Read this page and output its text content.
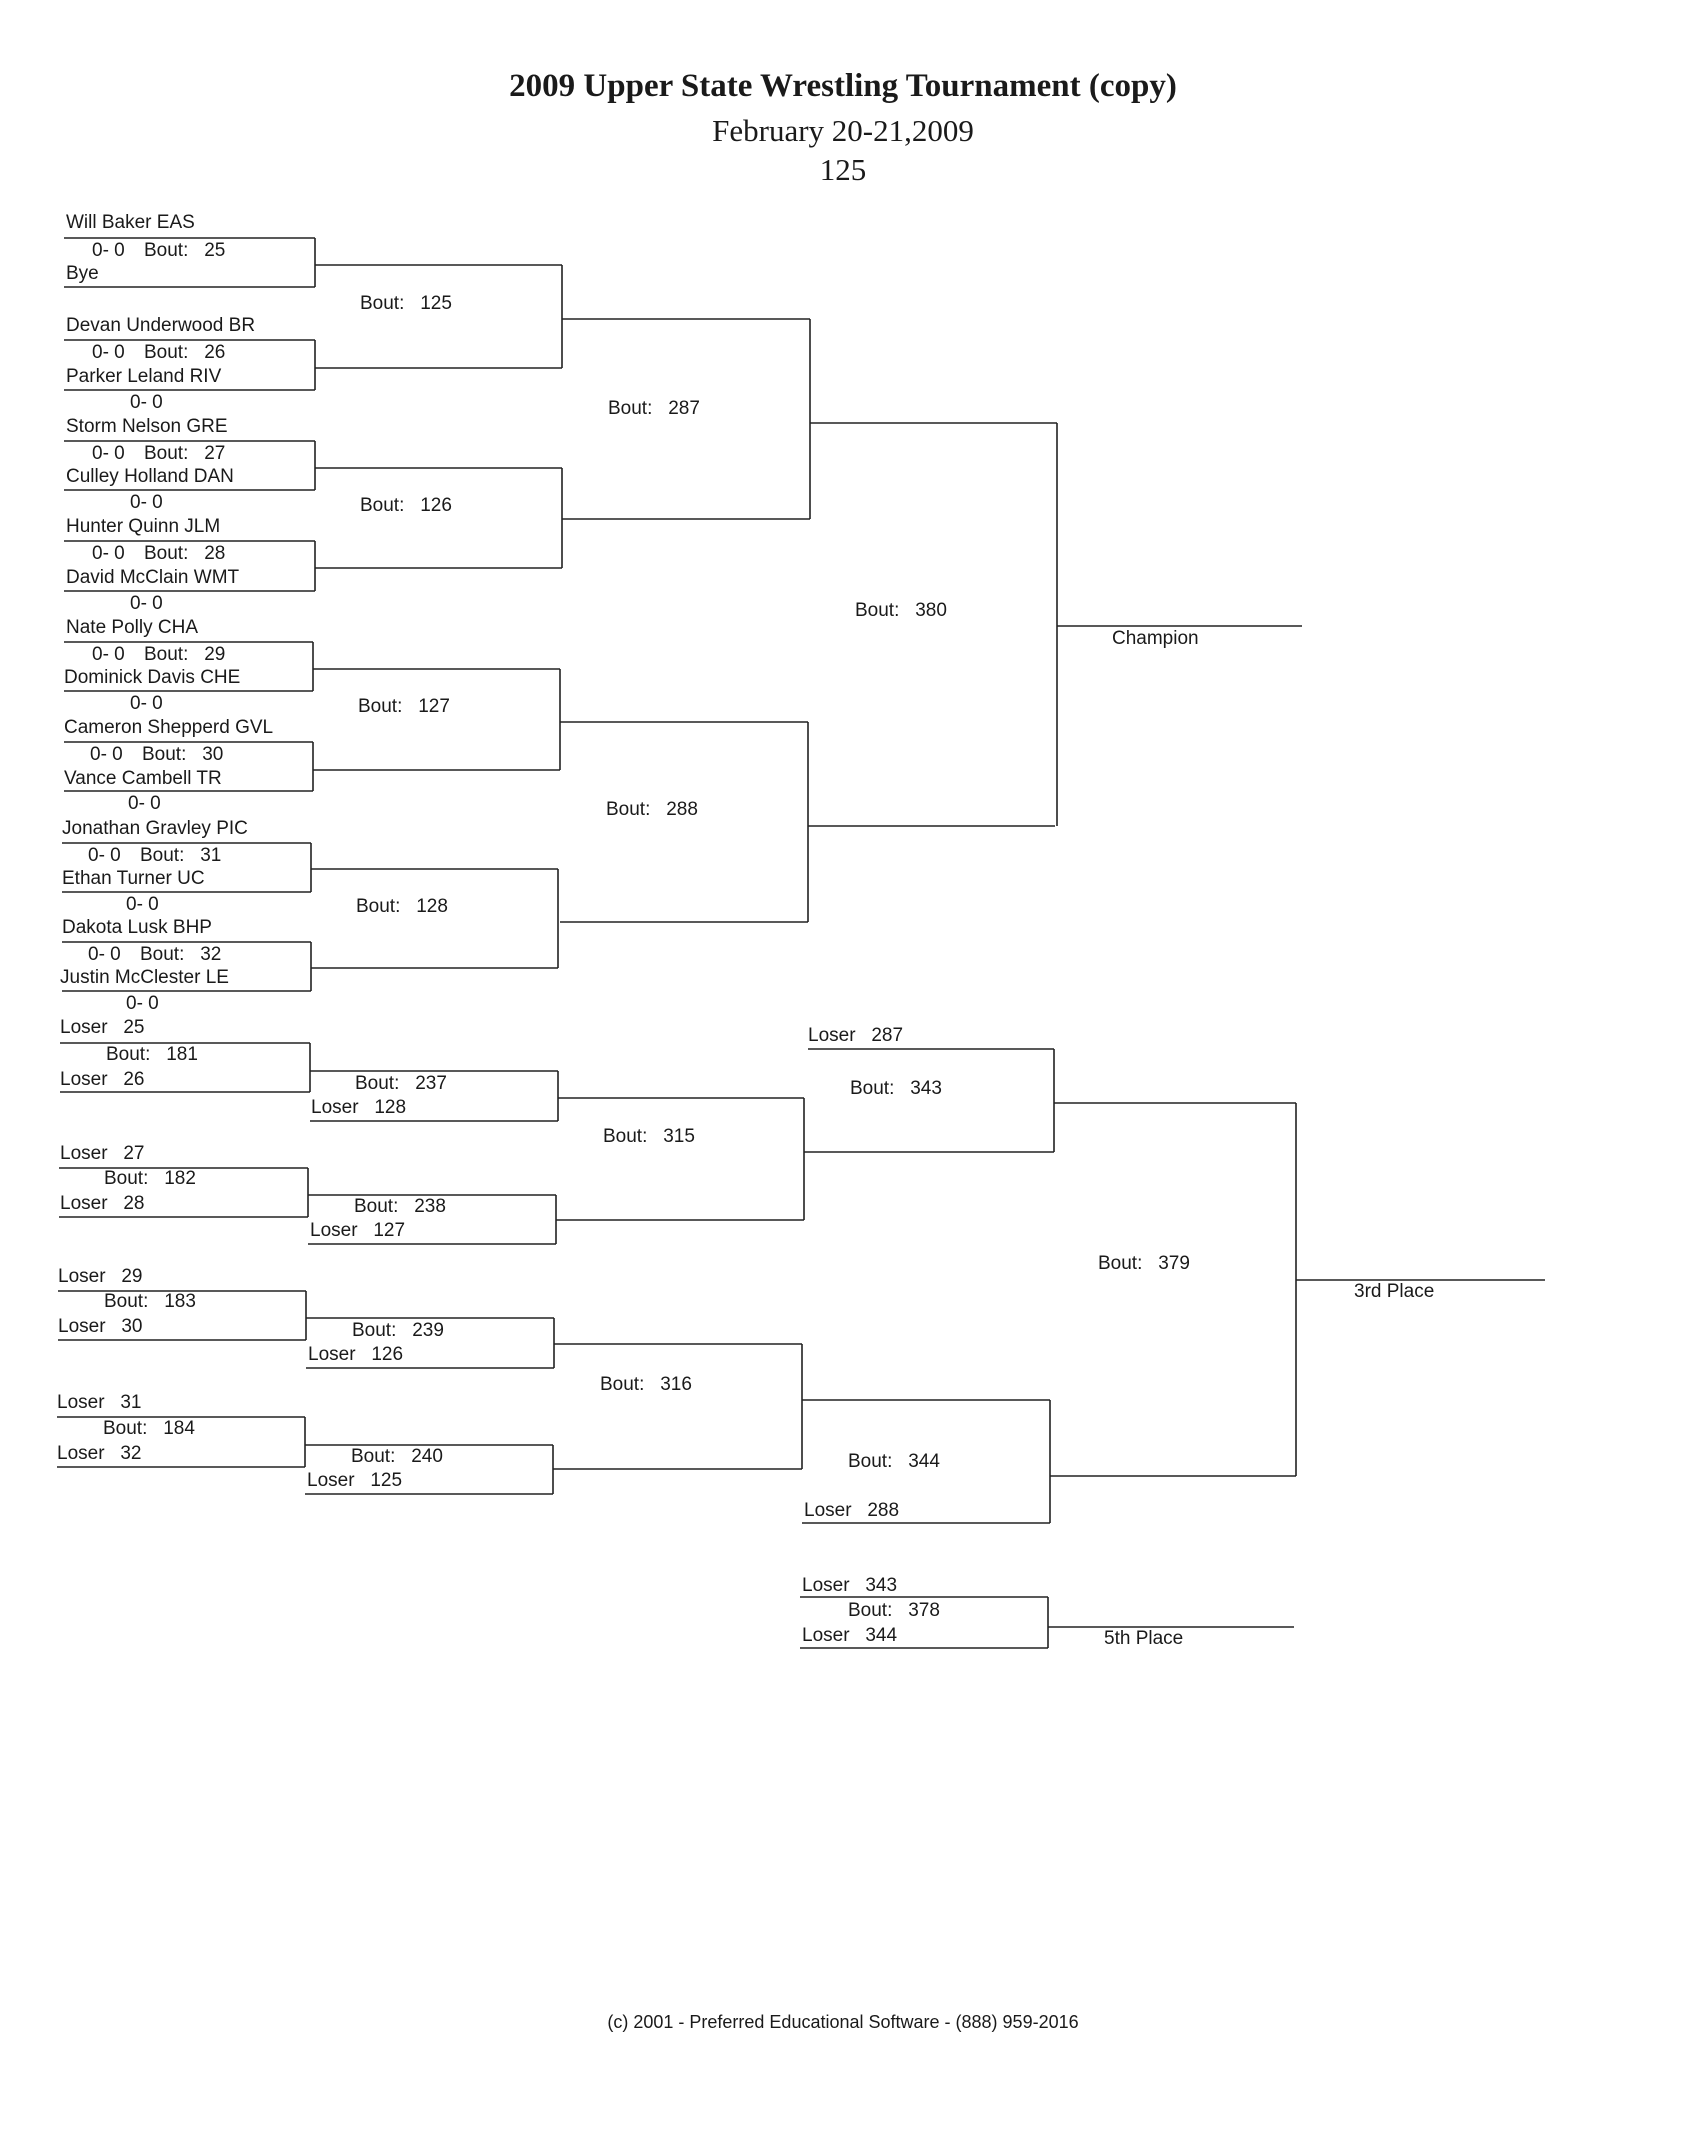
2009 Upper State Wrestling Tournament (copy)
February 20-21,2009
125
Will Baker EAS
0- 0 Bout:   25
Bye
Devan Underwood BR
0- 0 Bout:   26
Parker Leland RIV
0- 0
Storm Nelson GRE
0- 0 Bout:   27
Culley Holland DAN
0- 0
Hunter Quinn JLM
0- 0 Bout:   28
David McClain WMT
0- 0
Nate Polly CHA
0- 0 Bout:   29
Dominick Davis CHE
0- 0
Cameron Shepperd GVL
0- 0 Bout:   30
Vance Cambell TR
0- 0
Jonathan Gravley PIC
0- 0 Bout:   31
Ethan Turner UC
0- 0
Dakota Lusk BHP
0- 0 Bout:   32
Justin McClester LE
0- 0
Bout:   125
Bout:   126
Bout:   127
Bout:   128
Bout:   287
Bout:   288
Bout:   380
Champion
Loser   25
Bout:   181
Loser   26
Loser   27
Bout:   182
Loser   28
Loser   29
Bout:   183
Loser   30
Loser   31
Bout:   184
Loser   32
Bout:   237
Loser   128
Bout:   238
Loser   127
Bout:   239
Loser   126
Bout:   240
Loser   125
Bout:   315
Bout:   316
Loser   287
Bout:   343
Bout:   344
Loser   288
Bout:   379
3rd Place
Loser   343
Bout:   378
Loser   344	5th Place
(c) 2001 - Preferred Educational Software - (888) 959-2016
